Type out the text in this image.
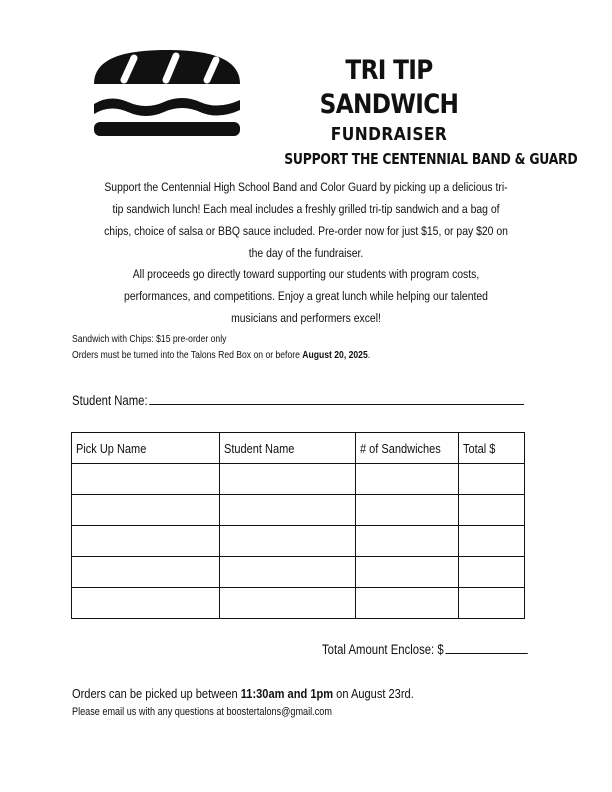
TRI TIP SANDWICH
FUNDRAISER
SUPPORT THE CENTENNIAL BAND & GUARD

Support the Centennial High School Band and Color Guard by picking up a delicious tri-tip sandwich lunch! Each meal includes a freshly grilled tri-tip sandwich and a bag of chips, choice of salsa or BBQ sauce included. Pre-order now for just $15, or pay $20 on the day of the fundraiser.

All proceeds go directly toward supporting our students with program costs, performances, and competitions. Enjoy a great lunch while helping our talented musicians and performers excel!

Sandwich with Chips: $15 pre-order only
Orders must be turned into the Talons Red Box on or before August 20, 2025.
Student Name:
Pick Up Name	Student Name	# of Sandwiches	Total $

Total Amount Enclose: $
Orders can be picked up between 11:30am and 1pm on August 23rd.
Please email us with any questions at boostertalons@gmail.com
